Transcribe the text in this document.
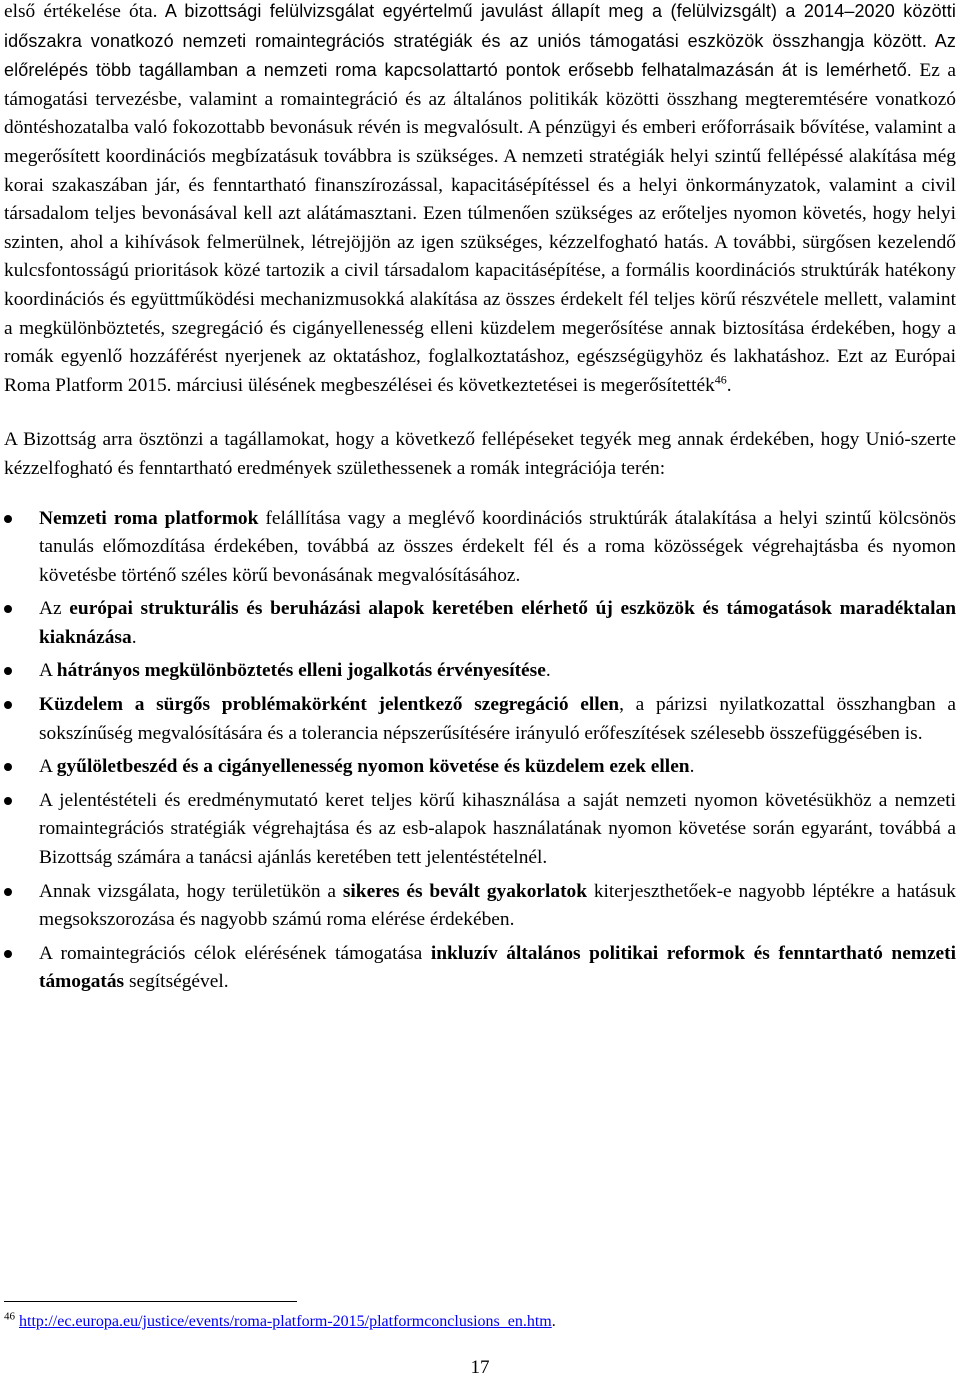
első értékelése óta. A bizottsági felülvizsgálat egyértelmű javulást állapít meg a (felülvizsgált) a 2014–2020 közötti időszakra vonatkozó nemzeti romaintegrációs stratégiák és az uniós támogatási eszközök összhangja között. Az előrelépés több tagállamban a nemzeti roma kapcsolattartó pontok erősebb felhatalmazásán át is lemérhető. Ez a támogatási tervezésbe, valamint a romaintegráció és az általános politikák közötti összhang megteremtésére vonatkozó döntéshozatalba való fokozottabb bevonásuk révén is megvalósult. A pénzügyi és emberi erőforrásaik bővítése, valamint a megerősített koordinációs megbízatásuk továbbra is szükséges. A nemzeti stratégiák helyi szintű fellépéssé alakítása még korai szakaszában jár, és fenntartható finanszírozással, kapacitásépítéssel és a helyi önkormányzatok, valamint a civil társadalom teljes bevonásával kell azt alátámasztani. Ezen túlmenően szükséges az erőteljes nyomon követés, hogy helyi szinten, ahol a kihívások felmerülnek, létrejöjjön az igen szükséges, kézzelfogható hatás. A további, sürgősen kezelendő kulcsfontosságú prioritások közé tartozik a civil társadalom kapacitásépítése, a formális koordinációs struktúrák hatékony koordinációs és együttműködési mechanizmusokká alakítása az összes érdekelt fél teljes körű részvétele mellett, valamint a megkülönböztetés, szegregáció és cigányellenesség elleni küzdelem megerősítése annak biztosítása érdekében, hogy a romák egyenlő hozzáférést nyerjenek az oktatáshoz, foglalkoztatáshoz, egészségügyhöz és lakhatáshoz. Ezt az Európai Roma Platform 2015. márciusi ülésének megbeszélései és következtetései is megerősítették$^{46}$.

A Bizottság arra ösztönzi a tagállamokat, hogy a következő fellépéseket tegyék meg annak érdekében, hogy Unió-szerte kézzelfogható és fenntartható eredmények születhessenek a romák integrációja terén:

Nemzeti roma platformok felállítása vagy a meglévő koordinációs struktúrák átalakítása a helyi szintű kölcsönös tanulás előmozdítása érdekében, továbbá az összes érdekelt fél és a roma közösségek végrehajtásba és nyomon követésbe történő széles körű bevonásának megvalósításához.
Az európai strukturális és beruházási alapok keretében elérhető új eszközök és támogatások maradéktalan kiaknázása.
A hátrányos megkülönböztetés elleni jogalkotás érvényesítése.
Küzdelem a sürgős problémakörként jelentkező szegregáció ellen, a párizsi nyilatkozattal összhangban a sokszínűség megvalósítására és a tolerancia népszerűsítésére irányuló erőfeszítések szélesebb összefüggésében is.
A gyűlöletbeszéd és a cigányellenesség nyomon követése és küzdelem ezek ellen.
A jelentéstételi és eredménymutató keret teljes körű kihasználása a saját nemzeti nyomon követésükhöz a nemzeti romaintegrációs stratégiák végrehajtása és az esb-alapok használatának nyomon követése során egyaránt, továbbá a Bizottság számára a tanácsi ajánlás keretében tett jelentéstételnél.
Annak vizsgálata, hogy területükön a sikeres és bevált gyakorlatok kiterjeszthetőek-e nagyobb léptékre a hatásuk megsokszorozása és nagyobb számú roma elérése érdekében.
A romaintegrációs célok elérésének támogatása inkluzív általános politikai reformok és fenntartható nemzeti támogatás segítségével.
$^{46}$ http://ec.europa.eu/justice/events/roma-platform-2015/platformconclusions_en.htm.
17
